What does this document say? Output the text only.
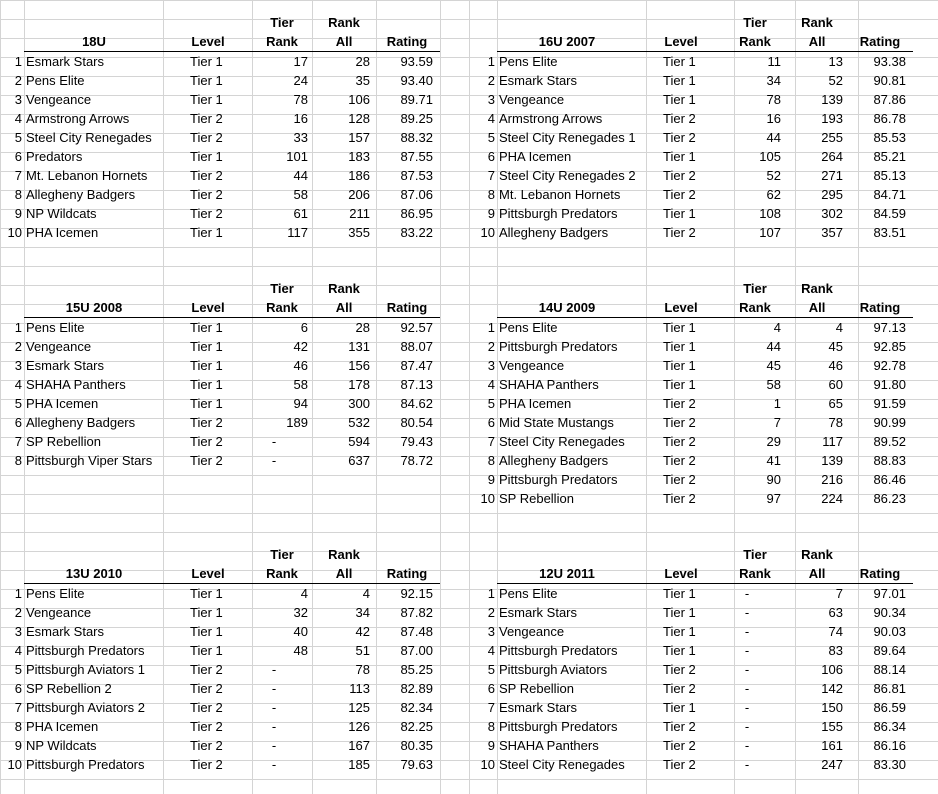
Tier	Rank
18U	Level	Rank	All	Rating
1 Esmark Stars	Tier 1	17	28	93.59
2 Pens Elite	Tier 1	24	35	93.40
3 Vengeance	Tier 1	78	106	89.71
4 Armstrong Arrows	Tier 2	16	128	89.25
5 Steel City Renegades	Tier 2	33	157	88.32
6 Predators	Tier 1	101	183	87.55
7 Mt. Lebanon Hornets	Tier 2	44	186	87.53
8 Allegheny Badgers	Tier 2	58	206	87.06
9 NP Wildcats	Tier 2	61	211	86.95
10 PHA Icemen	Tier 1	117	355	83.22
Tier	Rank
16U 2007	Level	Rank	All	Rating
1 Pens Elite	Tier 1	11	13	93.38
2 Esmark Stars	Tier 1	34	52	90.81
3 Vengeance	Tier 1	78	139	87.86
4 Armstrong Arrows	Tier 2	16	193	86.78
5 Steel City Renegades 1 Tier 2	44	255	85.53
6 PHA Icemen	Tier 1	105	264	85.21
7 Steel City Renegades 2 Tier 2	52	271	85.13
8 Mt. Lebanon Hornets	Tier 2	62	295	84.71
9 Pittsburgh Predators	Tier 1	108	302	84.59
10 Allegheny Badgers	Tier 2	107	357	83.51
Tier	Rank
15U 2008	Level	Rank	All	Rating
1 Pens Elite	Tier 1	6	28	92.57
2 Vengeance	Tier 1	42	131	88.07
3 Esmark Stars	Tier 1	46	156	87.47
4 SHAHA Panthers	Tier 1	58	178	87.13
5 PHA Icemen	Tier 1	94	300	84.62
6 Allegheny Badgers	Tier 2	189	532	80.54
7 SP Rebellion	Tier 2	-	594	79.43
8 Pittsburgh Viper Stars	Tier 2	-	637	78.72
Tier	Rank
14U 2009	Level	Rank	All	Rating
1 Pens Elite	Tier 1	4	4	97.13
2 Pittsburgh Predators	Tier 1	44	45	92.85
3 Vengeance	Tier 1	45	46	92.78
4 SHAHA Panthers	Tier 1	58	60	91.80
5 PHA Icemen	Tier 2	1	65	91.59
6 Mid State Mustangs	Tier 2	7	78	90.99
7 Steel City Renegades	Tier 2	29	117	89.52
8 Allegheny Badgers	Tier 2	41	139	88.83
9 Pittsburgh Predators	Tier 2	90	216	86.46
10 SP Rebellion	Tier 2	97	224	86.23
Tier	Rank
13U 2010	Level	Rank	All	Rating
1 Pens Elite	Tier 1	4	4	92.15
2 Vengeance	Tier 1	32	34	87.82
3 Esmark Stars	Tier 1	40	42	87.48
4 Pittsburgh Predators	Tier 1	48	51	87.00
5 Pittsburgh Aviators 1	Tier 2	-	78	85.25
6 SP Rebellion 2	Tier 2	-	113	82.89
7 Pittsburgh Aviators 2	Tier 2	-	125	82.34
8 PHA Icemen	Tier 2	-	126	82.25
9 NP Wildcats	Tier 2	-	167	80.35
10 Pittsburgh Predators	Tier 2	-	185	79.63
Tier	Rank
12U 2011	Level	Rank	All	Rating
1 Pens Elite	Tier 1	-	7	97.01
2 Esmark Stars	Tier 1	-	63	90.34
3 Vengeance	Tier 1	-	74	90.03
4 Pittsburgh Predators	Tier 1	-	83	89.64
5 Pittsburgh Aviators	Tier 2	-	106	88.14
6 SP Rebellion	Tier 2	-	142	86.81
7 Esmark Stars	Tier 1	-	150	86.59
8 Pittsburgh Predators	Tier 2	-	155	86.34
9 SHAHA Panthers	Tier 2	-	161	86.16
10 Steel City Renegades	Tier 2	-	247	83.30
